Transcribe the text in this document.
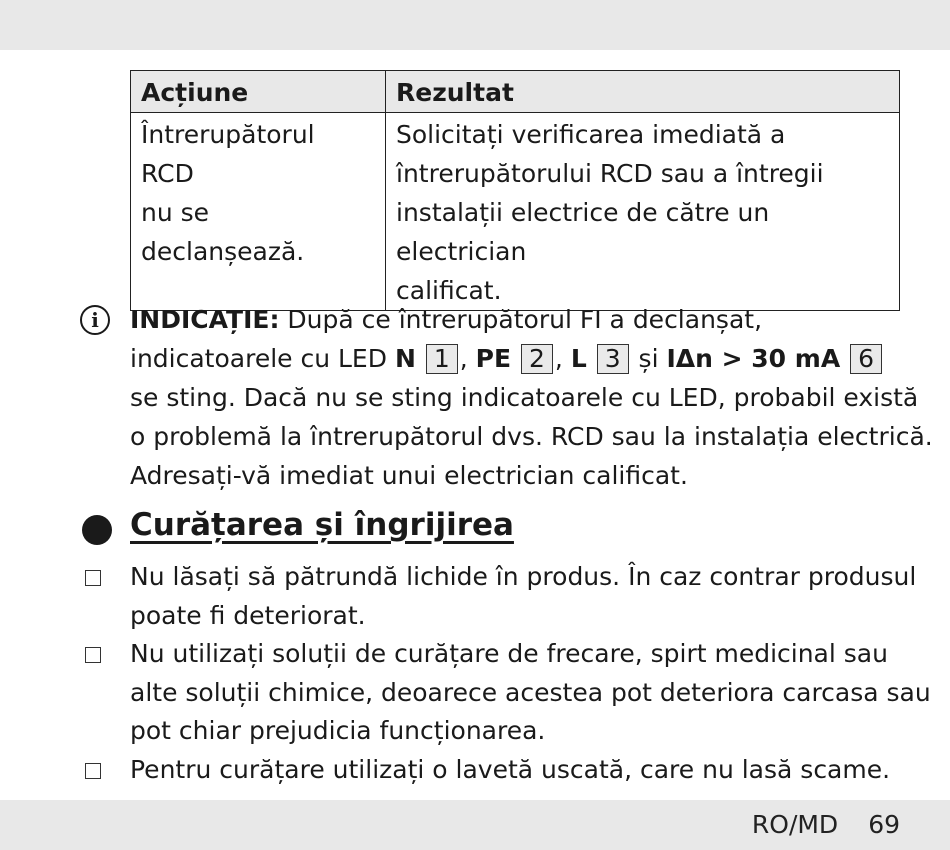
Acțiune	Rezultat

Întrerupătorul RCD
nu se declanșează.	Solicitați verificarea imediată a
întrerupătorului RCD sau a întregii
instalații electrice de către un electrician
calificat.
i	INDICAȚIE: După ce întrerupătorul FI a declanșat,
indicatoarele cu LED N 1 , PE 2 , L 3 și IΔn > 30 mA 6
se sting. Dacă nu se sting indicatoarele cu LED, probabil există
o problemă la întrerupătorul dvs. RCD sau la instalația electrică.
Adresați-vă imediat unui electrician calificat.
Curățarea și îngrijirea
Nu lăsați să pătrundă lichide în produs. În caz contrar produsul
poate fi deteriorat.
Nu utilizați soluții de curățare de frecare, spirt medicinal sau
alte soluții chimice, deoarece acestea pot deteriora carcasa sau
pot chiar prejudicia funcționarea.
Pentru curățare utilizați o lavetă uscată, care nu lasă scame.
RO/MD 69
